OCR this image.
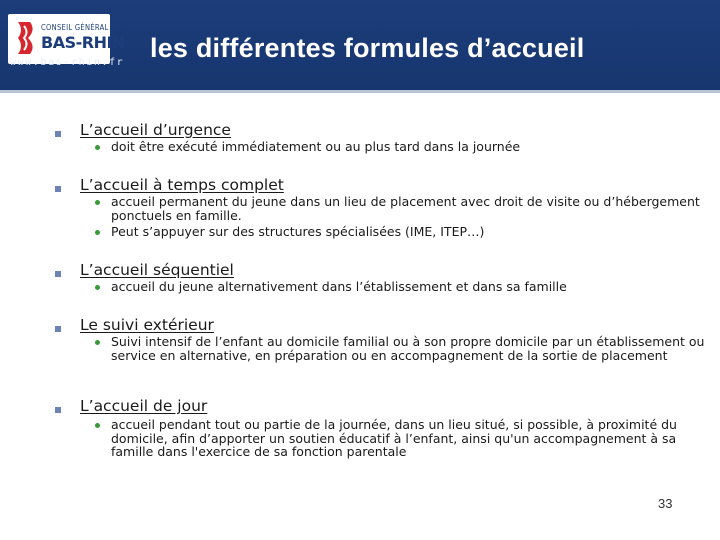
CONSEIL GÉNÉRAL
BAS-RHIN
www.bas-rhin.fr les différentes formules d’accueil
L’accueil d’urgence
doit être exécuté immédiatement ou au plus tard dans la journée
L’accueil à temps complet
accueil permanent du jeune dans un lieu de placement avec droit de visite ou d’hébergement ponctuels en famille.
Peut s’appuyer sur des structures spécialisées (IME, ITEP…)
L’accueil séquentiel
accueil du jeune alternativement dans l’établissement et dans sa famille
Le suivi extérieur
Suivi intensif de l’enfant au domicile familial ou à son propre domicile par un établissement ou service en alternative, en préparation ou en accompagnement de la sortie de placement
L’accueil de jour
accueil pendant tout ou partie de la journée, dans un lieu situé, si possible, à proximité du domicile, afin d’apporter un soutien éducatif à l’enfant, ainsi qu'un accompagnement à sa famille dans l'exercice de sa fonction parentale
33
